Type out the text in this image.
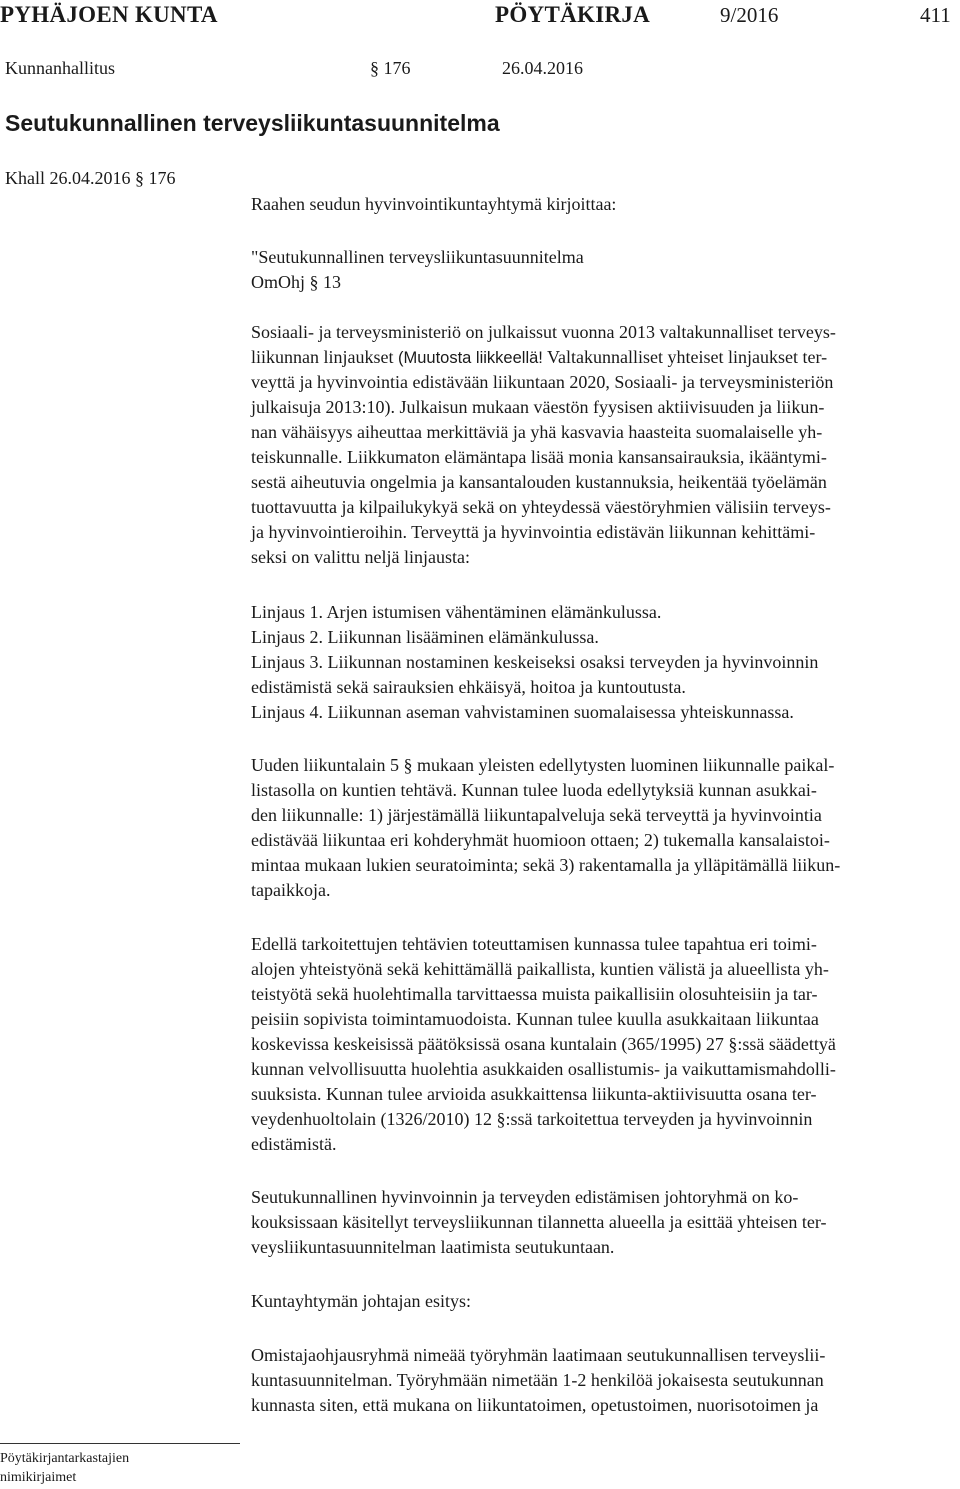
PYHÄJOEN KUNTA	PÖYTÄKIRJA	9/2016	411
Kunnanhallitus	§ 176	26.04.2016
Seutukunnallinen terveysliikuntasuunnitelma
Khall 26.04.2016 § 176
Raahen seudun hyvinvointikuntayhtymä kirjoittaa:
"Seutukunnallinen terveysliikuntasuunnitelma
OmOhj § 13
Sosiaali- ja terveysministeriö on julkaissut vuonna 2013 valtakunnalliset terveys-
liikunnan linjaukset (Muutosta liikkeellä! Valtakunnalliset yhteiset linjaukset ter-
veyttä ja hyvinvointia edistävään liikuntaan 2020, Sosiaali- ja terveysministeriön
julkaisuja 2013:10). Julkaisun mukaan väestön fyysisen aktiivisuuden ja liikun-
nan vähäisyys aiheuttaa merkittäviä ja yhä kasvavia haasteita suomalaiselle yh-
teiskunnalle. Liikkumaton elämäntapa lisää monia kansansairauksia, ikääntymi-
sestä aiheutuvia ongelmia ja kansantalouden kustannuksia, heikentää työelämän
tuottavuutta ja kilpailukykyä sekä on yhteydessä väestöryhmien välisiin terveys-
ja hyvinvointieroihin. Terveyttä ja hyvinvointia edistävän liikunnan kehittämi-
seksi on valittu neljä linjausta:
Linjaus 1. Arjen istumisen vähentäminen elämänkulussa.
Linjaus 2. Liikunnan lisääminen elämänkulussa.
Linjaus 3. Liikunnan nostaminen keskeiseksi osaksi terveyden ja hyvinvoinnin
edistämistä sekä sairauksien ehkäisyä, hoitoa ja kuntoutusta.
Linjaus 4. Liikunnan aseman vahvistaminen suomalaisessa yhteiskunnassa.
Uuden liikuntalain 5 § mukaan yleisten edellytysten luominen liikunnalle paikal-
listasolla on kuntien tehtävä. Kunnan tulee luoda edellytyksiä kunnan asukkai-
den liikunnalle: 1) järjestämällä liikuntapalveluja sekä terveyttä ja hyvinvointia
edistävää liikuntaa eri kohderyhmät huomioon ottaen; 2) tukemalla kansalaistoi-
mintaa mukaan lukien seuratoiminta; sekä 3) rakentamalla ja ylläpitämällä liikun-
tapaikkoja.
Edellä tarkoitettujen tehtävien toteuttamisen kunnassa tulee tapahtua eri toimi-
alojen yhteistyönä sekä kehittämällä paikallista, kuntien välistä ja alueellista yh-
teistyötä sekä huolehtimalla tarvittaessa muista paikallisiin olosuhteisiin ja tar-
peisiin sopivista toimintamuodoista. Kunnan tulee kuulla asukkaitaan liikuntaa
koskevissa keskeisissä päätöksissä osana kuntalain (365/1995) 27 §:ssä säädettyä
kunnan velvollisuutta huolehtia asukkaiden osallistumis- ja vaikuttamismahdolli-
suuksista. Kunnan tulee arvioida asukkaittensa liikunta-aktiivisuutta osana ter-
veydenhuoltolain (1326/2010) 12 §:ssä tarkoitettua terveyden ja hyvinvoinnin
edistämistä.
Seutukunnallinen hyvinvoinnin ja terveyden edistämisen johtoryhmä on ko-
kouksissaan käsitellyt terveysliikunnan tilannetta alueella ja esittää yhteisen ter-
veysliikuntasuunnitelman laatimista seutukuntaan.
Kuntayhtymän johtajan esitys:
Omistajaohjausryhmä nimeää työryhmän laatimaan seutukunnallisen terveyslii-
kuntasuunnitelman. Työryhmään nimetään 1-2 henkilöä jokaisesta seutukunnan
kunnasta siten, että mukana on liikuntatoimen, opetustoimen, nuorisotoimen ja
Pöytäkirjantarkastajien
nimikirjaimet
